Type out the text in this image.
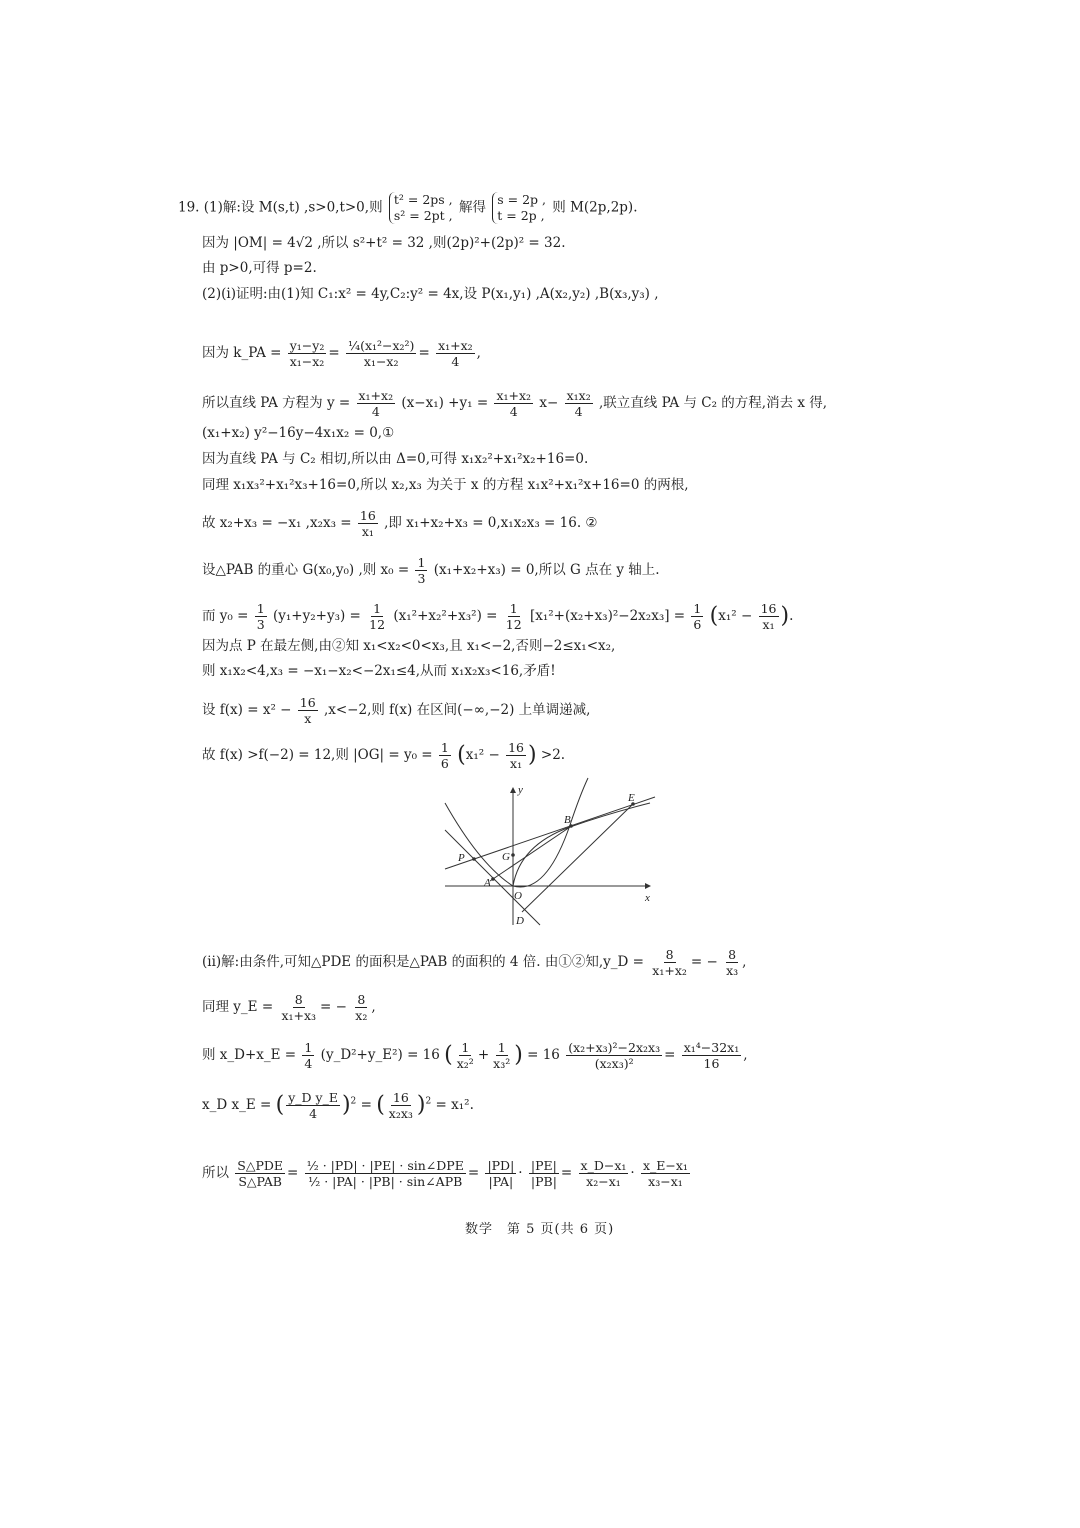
19. (1)解:设 M(s,t) ,s>0,t>0,则 t² = 2ps ,
s² = 2pt , 解得 s = 2p ,
t = 2p , 则 M(2p,2p).
因为 |OM| = 4√2 ,所以 s²+t² = 32 ,则(2p)²+(2p)² = 32.
由 p>0,可得 p=2.
(2)(i)证明:由(1)知 C₁:x² = 4y,C₂:y² = 4x,设 P(x₁,y₁) ,A(x₂,y₂) ,B(x₃,y₃) ,
因为 k_PA = $\frac{\text{y₁−y₂}}{\text{x₁−x₂}} = \frac{\text{¼(x₁²−x₂²)}}{\text{x₁−x₂}} = \frac{\text{x₁+x₂}}{4}$ ,
所以直线 PA 方程为 $y = \frac{\text{x₁+x₂}}{4} (x-x_1) +y_1 = \frac{\text{x₁+x₂}}{4} x- \frac{\text{x₁x₂}}{4}$ ,联立直线 PA 与 C₂ 的方程,消去 x 得,
(x₁+x₂) y²−16y−4x₁x₂ = 0,①
因为直线 PA 与 C₂ 相切,所以由 Δ=0,可得 x₁x₂²+x₁²x₂+16=0.
同理 x₁x₃²+x₁²x₃+16=0,所以 x₂,x₃ 为关于 x 的方程 x₁x²+x₁²x+16=0 的两根,
故 x₂+x₃ = −x₁ $,x_2x_3 = \frac{16}{\text{x₁}}$ ,即 x₁+x₂+x₃ = 0,x₁x₂x₃ = 16. ②
设△PAB 的重心 G(x₀,y₀) ,则 $x_0 = \frac{1}{3} (x_1+x_2+x_3) = 0$,所以 G 点在 y 轴上.
而 $y_0 = \frac{1}{3} (y_1+y_2+y_3) = \frac{1}{12} (x_1^2+x_2^2+x_3^2) = \frac{1}{12} [x_1^2+(x_2+x_3)^2-2x_2x_3] = \frac{1}{6} (x_1^2 - \frac{16}{\text{x₁}}$ ).
因为点 P 在最左侧,由②知 x₁<x₂<0<x₃,且 x₁<−2,否则−2≤x₁<x₂,
则 x₁x₂<4,x₃ = −x₁−x₂<−2x₁≤4,从而 x₁x₂x₃<16,矛盾!
设 $f(x) = x^2 - \frac{16}{x} ,x<-2$,则 f(x) 在区间(−∞,−2) 上单调递减,
故 f(x) >f(−2) = 12,则 $|OG| = y_0 = \frac{1}{6} (x_1^2 - \frac{16}{\text{x₁}}$ ) >2.
y
x
E
B
P	G
A
O
D
(ii)解:由条件,可知△PDE 的面积是△PAB 的面积的 4 倍. 由①②知,y_D = $\frac{8}{\text{x₁+x₂}}$ = − $\frac{8}{\text{x₃}}$ ,
同理 y_E = $\frac{8}{\text{x₁+x₃}}$ = − $\frac{8}{\text{x₂}}$ ,
则 x_D+x_E = $\frac{1}{4}$ (y_D²+y_E²) = 16 ( $\frac{1}{\text{x₂²}} + \frac{1}{\text{x₃²}}$ ) = $16 \frac{\text{(x₂+x₃)²−2x₂x₃}}{\text{(x₂x₃)²}} = \frac{\text{x₁⁴−32x₁}}{16}$ ,
x_D x_E = ( $\frac{\text{y\_D y\_E}}{4} )^2$ = ( $\frac{16}{\text{x₂x₃}} )^2 = x_1^2$.
所以 $\frac{\text{S△PDE}}{\text{S△PAB}} = \frac{\text{½ · |PD| · |PE| · sin∠DPE}}{\text{½ · |PA| · |PB| · sin∠APB}} = \frac{|PD|}{|PA|} \cdot \frac{|PE|}{|PB|} = \frac{\text{x\_D−x₁}}{\text{x₂−x₁}} \cdot \frac{\text{x\_E−x₁}}{\text{x₃−x₁}}$
数学　第 5 页(共 6 页)
